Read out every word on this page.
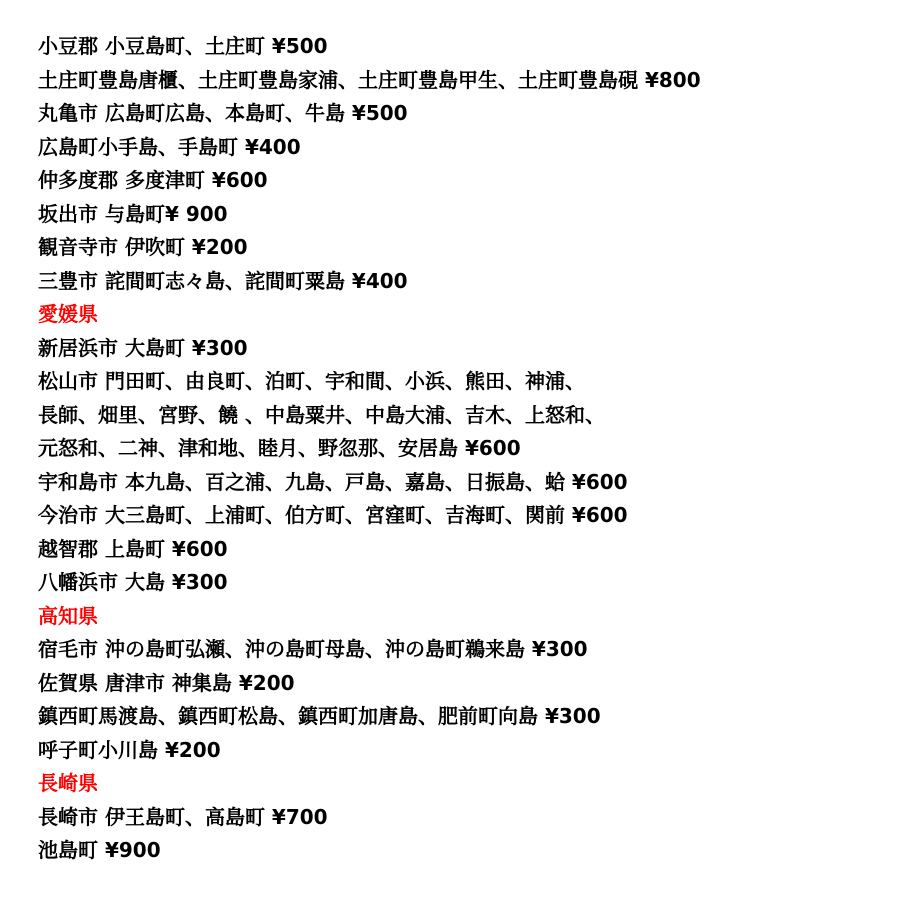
小豆郡 小豆島町、土庄町 ¥500
土庄町豊島唐櫃、土庄町豊島家浦、土庄町豊島甲生、土庄町豊島硯 ¥800
丸亀市 広島町広島、本島町、牛島 ¥500
広島町小手島、手島町 ¥400
仲多度郡 多度津町 ¥600
坂出市 与島町¥ 900
観音寺市 伊吹町 ¥200
三豊市 詫間町志々島、詫間町粟島 ¥400
愛媛県
新居浜市 大島町 ¥300
松山市 門田町、由良町、泊町、宇和間、小浜、熊田、神浦、
長師、畑里、宮野、饒 、中島粟井、中島大浦、吉木、上怒和、
元怒和、二神、津和地、睦月、野忽那、安居島 ¥600
宇和島市 本九島、百之浦、九島、戸島、嘉島、日振島、蛤 ¥600
今治市 大三島町、上浦町、伯方町、宮窪町、吉海町、関前 ¥600
越智郡 上島町 ¥600
八幡浜市 大島 ¥300
高知県
宿毛市 沖の島町弘瀬、沖の島町母島、沖の島町鵜来島 ¥300
佐賀県 唐津市 神集島 ¥200
鎮西町馬渡島、鎮西町松島、鎮西町加唐島、肥前町向島 ¥300
呼子町小川島 ¥200
長崎県
長崎市 伊王島町、高島町 ¥700
池島町 ¥900
